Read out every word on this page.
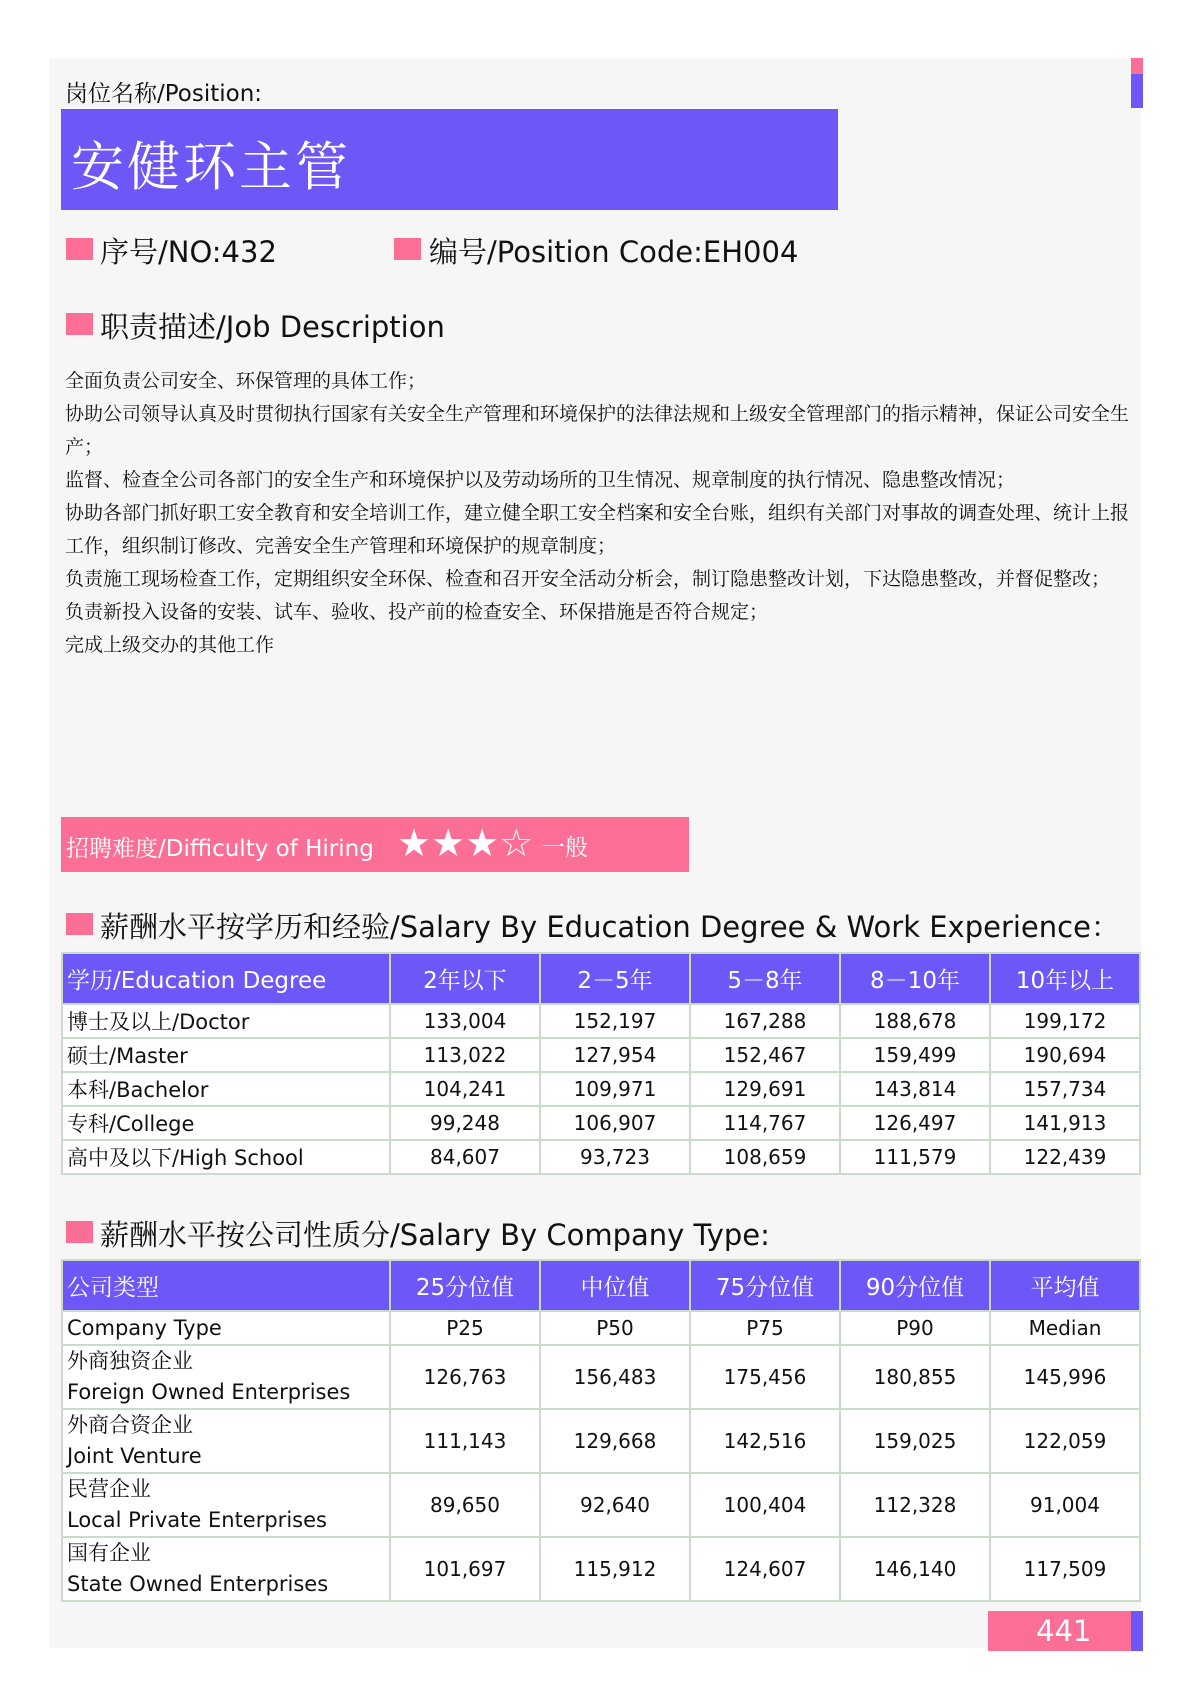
岗位名称/Position:
安健环主管
序号/NO:432	编号/Position Code:EH004
职责描述/Job Description
全面负责公司安全、环保管理的具体工作；
协助公司领导认真及时贯彻执行国家有关安全生产管理和环境保护的法律法规和上级安全管理部门的指示精神，保证公司安全生产；
监督、检查全公司各部门的安全生产和环境保护以及劳动场所的卫生情况、规章制度的执行情况、隐患整改情况；
协助各部门抓好职工安全教育和安全培训工作，建立健全职工安全档案和安全台账，组织有关部门对事故的调查处理、统计上报工作，组织制订修改、完善安全生产管理和环境保护的规章制度；
负责施工现场检查工作，定期组织安全环保、检查和召开安全活动分析会，制订隐患整改计划，下达隐患整改，并督促整改；
负责新投入设备的安装、试车、验收、投产前的检查安全、环保措施是否符合规定；
完成上级交办的其他工作
招聘难度/Difficulty of Hiring ★★★☆ 一般
薪酬水平按学历和经验/Salary By Education Degree & Work Experience：
学历/Education Degree	2年以下	2－5年	5－8年	8－10年	10年以上
博士及以上/Doctor	133,004	152,197	167,288	188,678	199,172
硕士/Master	113,022	127,954	152,467	159,499	190,694
本科/Bachelor	104,241	109,971	129,691	143,814	157,734
专科/College	99,248	106,907	114,767	126,497	141,913
高中及以下/High School	84,607	93,723	108,659	111,579	122,439
薪酬水平按公司性质分/Salary By Company Type:
公司类型	25分位值	中位值	75分位值	90分位值	平均值
Company Type	P25	P50	P75	P90	Median

外商独资企业
Foreign Owned Enterprises	126,763	156,483	175,456	180,855	145,996

外商合资企业
Joint Venture	111,143	129,668	142,516	159,025	122,059

民营企业
Local Private Enterprises	89,650	92,640	100,404	112,328	91,004

国有企业
State Owned Enterprises	101,697	115,912	124,607	146,140	117,509
441
